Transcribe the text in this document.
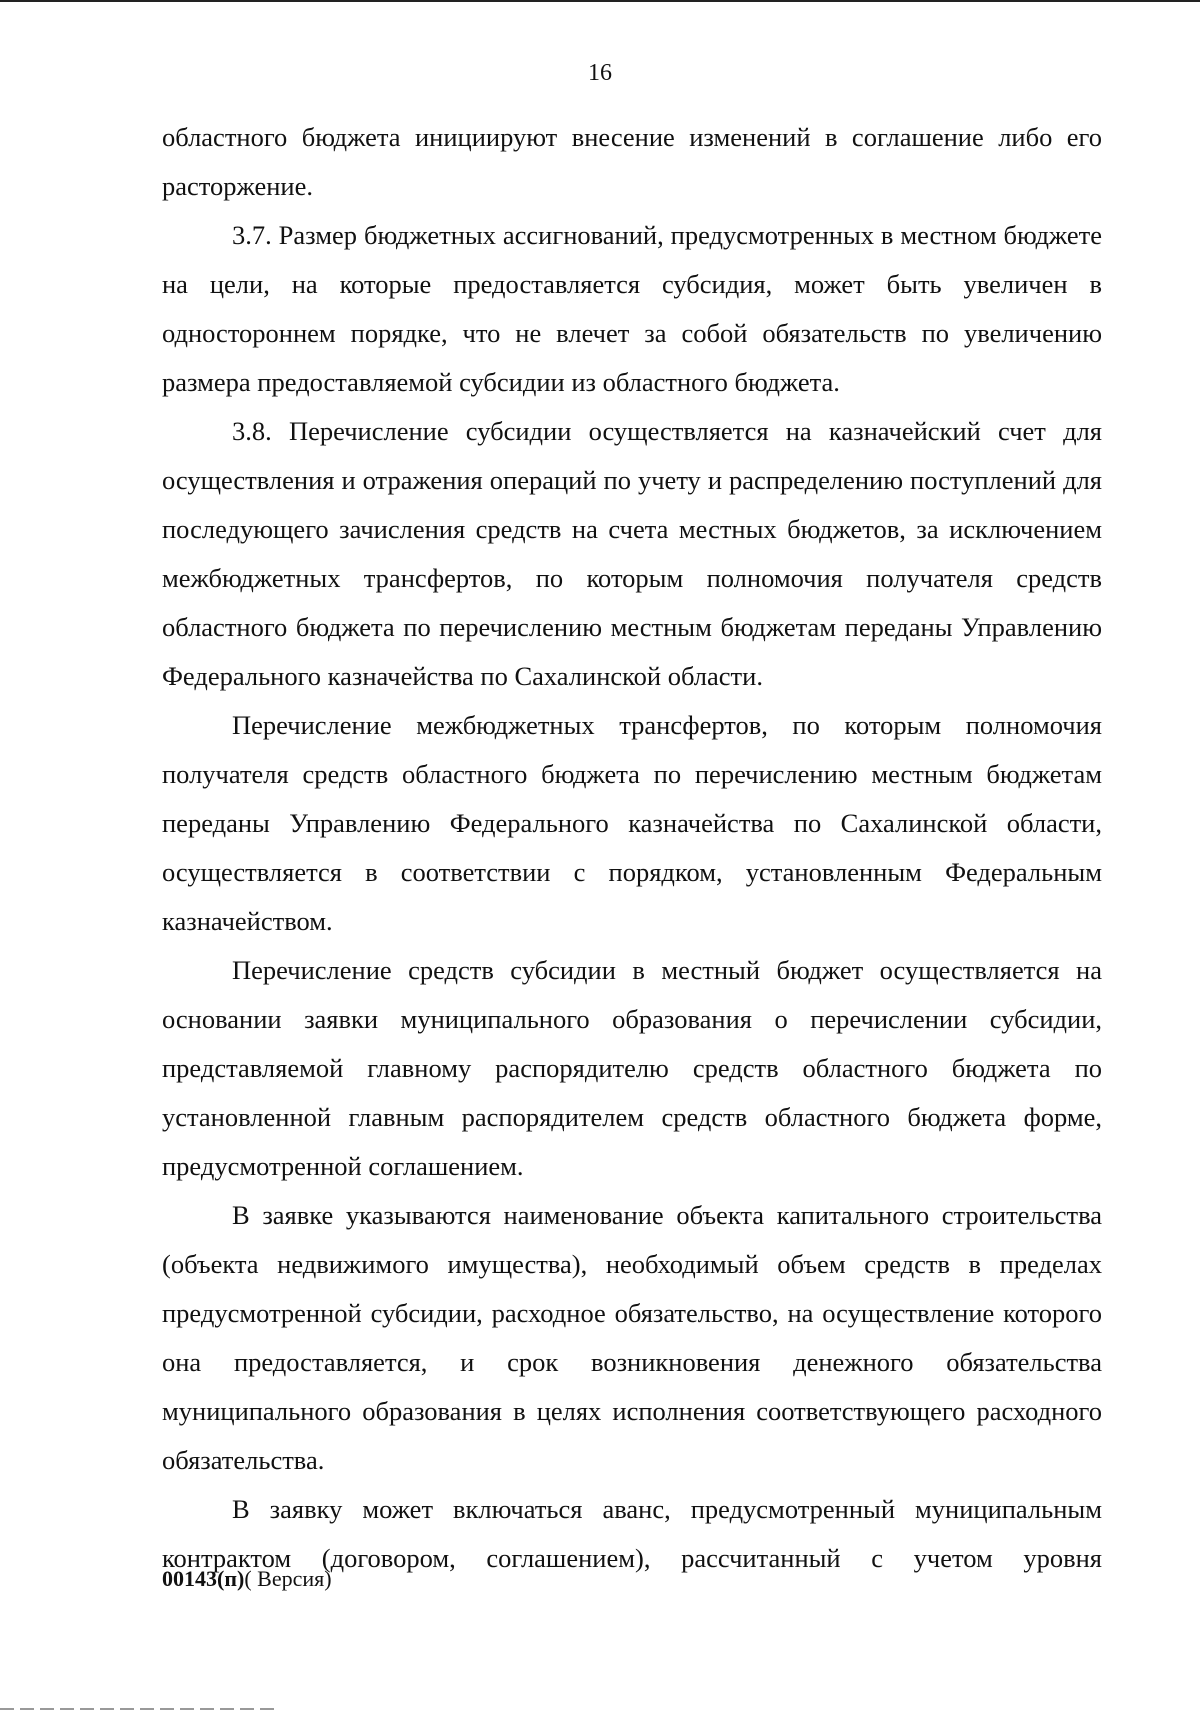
16

областного бюджета инициируют внесение изменений в соглашение либо его расторжение.

3.7. Размер бюджетных ассигнований, предусмотренных в местном бюджете на цели, на которые предоставляется субсидия, может быть увеличен в одностороннем порядке, что не влечет за собой обязательств по увеличению размера предоставляемой субсидии из областного бюджета.

3.8. Перечисление субсидии осуществляется на казначейский счет для осуществления и отражения операций по учету и распределению поступлений для последующего зачисления средств на счета местных бюджетов, за исключением межбюджетных трансфертов, по которым полномочия получателя средств областного бюджета по перечислению местным бюджетам переданы Управлению Федерального казначейства по Сахалинской области.

Перечисление межбюджетных трансфертов, по которым полномочия получателя средств областного бюджета по перечислению местным бюджетам переданы Управлению Федерального казначейства по Сахалинской области, осуществляется в соответствии с порядком, установленным Федеральным казначейством.

Перечисление средств субсидии в местный бюджет осуществляется на основании заявки муниципального образования о перечислении субсидии, представляемой главному распорядителю средств областного бюджета по установленной главным распорядителем средств областного бюджета форме, предусмотренной соглашением.

В заявке указываются наименование объекта капитального строительства (объекта недвижимого имущества), необходимый объем средств в пределах предусмотренной субсидии, расходное обязательство, на осуществление которого она предоставляется, и срок возникновения денежного обязательства муниципального образования в целях исполнения соответствующего расходного обязательства.

В заявку может включаться аванс, предусмотренный муниципальным контрактом (договором, соглашением), рассчитанный с учетом уровня

00143(п)( Версия)
